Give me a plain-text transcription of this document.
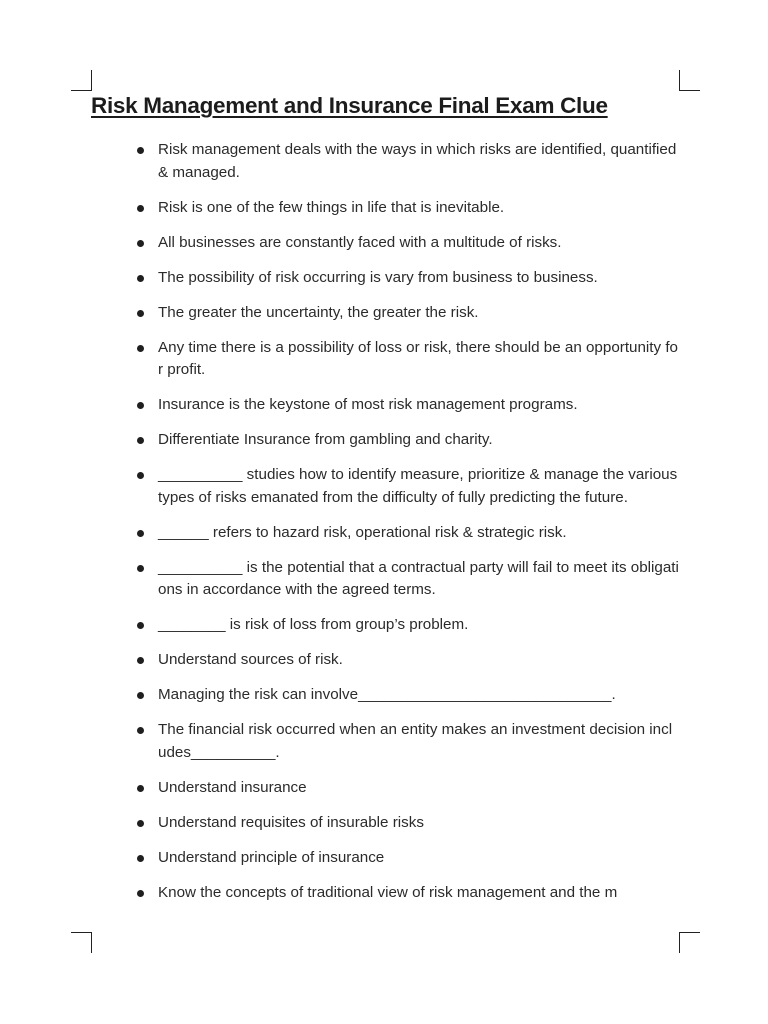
Risk Management and Insurance Final Exam Clue
Risk management deals with the ways in which risks are identified, quantified & managed.
Risk is one of the few things in life that is inevitable.
All businesses are constantly faced with a multitude of risks.
The possibility of risk occurring is vary from business to business.
The greater the uncertainty, the greater the risk.
Any time there is a possibility of loss or risk, there should be an opportunity for profit.
Insurance is the keystone of most risk management programs.
Differentiate Insurance from gambling and charity.
__________ studies how to identify measure, prioritize & manage the various types of risks emanated from the difficulty of fully predicting the future.
______ refers to hazard risk, operational risk & strategic risk.
__________ is the potential that a contractual party will fail to meet its obligations in accordance with the agreed terms.
________ is risk of loss from group’s problem.
Understand sources of risk.
Managing the risk can involve______________________________.
The financial risk occurred when an entity makes an investment decision includes__________.
Understand insurance
Understand requisites of insurable risks
Understand principle of insurance
Know the concepts of traditional view of risk management and the m
